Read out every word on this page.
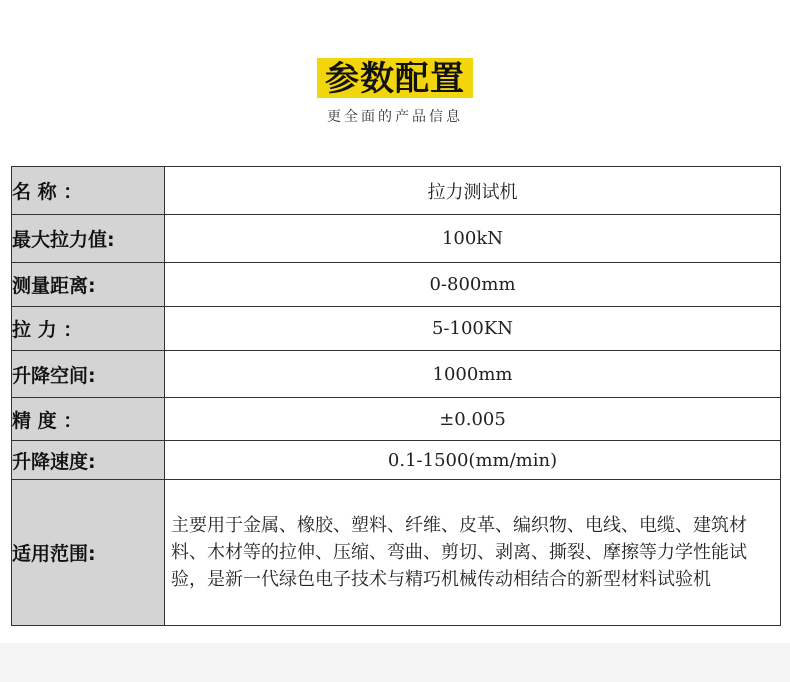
参数配置
更全面的产品信息
名 称 ：	拉力测试机
最大拉力值:	100kN
测量距离:	0-800mm
拉 力 ：	5-100KN
升降空间:	1000mm
精 度 ：	±0.005
升降速度:	0.1-1500(mm/min)
适用范围:	主要用于金属、橡胶、塑料、纤维、皮革、编织物、电线、电缆、建筑材料、木材等的拉伸、压缩、弯曲、剪切、剥离、撕裂、摩擦等力学性能试验，是新一代绿色电子技术与精巧机械传动相结合的新型材料试验机
